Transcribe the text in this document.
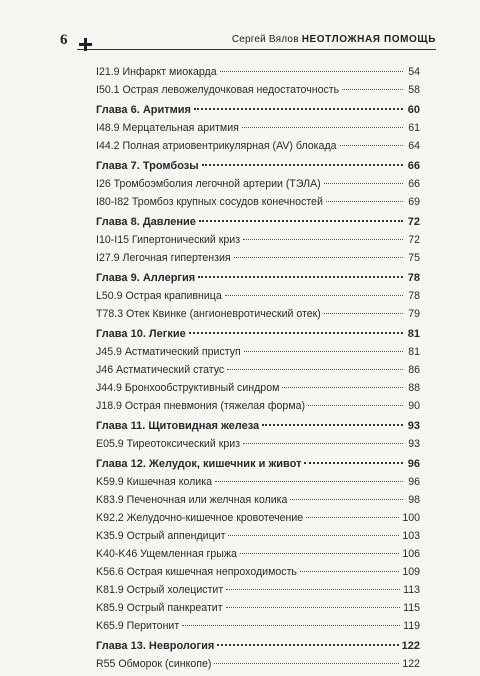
6	Сергей Вялов НЕОТЛОЖНАЯ ПОМОЩЬ
I21.9 Инфаркт миокарда	54
I50.1 Острая левожелудочковая недостаточность	58
Глава 6. Аритмия	60
I48.9 Мерцательная аритмия	61
I44.2 Полная атриовентрикулярная (AV) блокада	64
Глава 7. Тромбозы	66
I26 Тромбоэмболия легочной артерии (ТЭЛА)	66
I80-I82 Тромбоз крупных сосудов конечностей	69
Глава 8. Давление	72
I10-I15 Гипертонический криз	72
I27.9 Легочная гипертензия	75
Глава 9. Аллергия	78
L50.9 Острая крапивница	78
T78.3 Отек Квинке (ангионевротический отек)	79
Глава 10. Легкие	81
J45.9 Астматический приступ	81
J46 Астматический статус	86
J44.9 Бронхообструктивный синдром	88
J18.9 Острая пневмония (тяжелая форма)	90
Глава 11. Щитовидная железа	93
E05.9 Тиреотоксический криз	93
Глава 12. Желудок, кишечник и живот	96
K59.9 Кишечная колика	96
K83.9 Печеночная или желчная колика	98
K92.2 Желудочно-кишечное кровотечение	100
K35.9 Острый аппендицит	103
K40-K46 Ущемленная грыжа	106
K56.6 Острая кишечная непроходимость	109
K81.9 Острый холецистит	113
K85.9 Острый панкреатит	115
K65.9 Перитонит	119
Глава 13. Неврология	122
R55 Обморок (синкопе)	122
